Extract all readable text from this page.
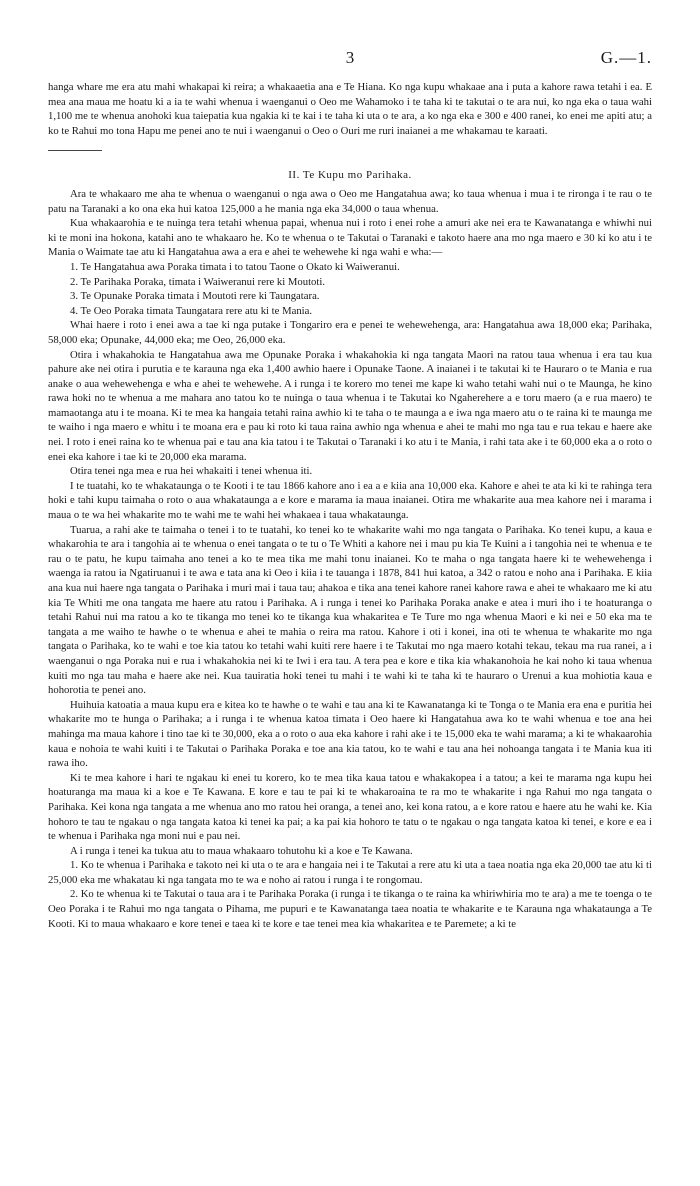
3	G.—1.

hanga whare me era atu mahi whakapai ki reira; a whakaaetia ana e Te Hiana. Ko nga kupu whakaae ana i puta a kahore rawa tetahi i ea. E mea ana maua me hoatu ki a ia te wahi whenua i waenganui o Oeo me Wahamoko i te taha ki te takutai o te ara nui, ko nga eka o taua wahi 1,100 me te whenua anohoki kua taiepatia kua ngakia ki te kai i te taha ki uta o te ara, a ko nga eka e 300 e 400 ranei, ko enei me apiti atu; a ko te Rahui mo tona Hapu me penei ano te nui i waenganui o Oeo o Ouri me ruri inaianei a me whakamau te karaati.

II. Te Kupu mo Parihaka.

Ara te whakaaro me aha te whenua o waenganui o nga awa o Oeo me Hangatahua awa; ko taua whenua i mua i te rironga i te rau o te patu na Taranaki a ko ona eka hui katoa 125,000 a he mania nga eka 34,000 o taua whenua.

Kua whakaarohia e te nuinga tera tetahi whenua papai, whenua nui i roto i enei rohe a amuri ake nei era te Kawanatanga e whiwhi nui ki te moni ina hokona, katahi ano te whakaaro he. Ko te whenua o te Takutai o Taranaki e takoto haere ana mo nga maero e 30 ki ko atu i te Mania o Waimate tae atu ki Hangatahua awa a era e ahei te wehewehe ki nga wahi e wha:—

1. Te Hangatahua awa Poraka timata i to tatou Taone o Okato ki Waiweranui.

2. Te Parihaka Poraka, timata i Waiweranui rere ki Moutoti.

3. Te Opunake Poraka timata i Moutoti rere ki Taungatara.

4. Te Oeo Poraka timata Taungatara rere atu ki te Mania.

Whai haere i roto i enei awa a tae ki nga putake i Tongariro era e penei te wehewehenga, ara: Hangatahua awa 18,000 eka; Parihaka, 58,000 eka; Opunake, 44,000 eka; me Oeo, 26,000 eka.

Otira i whakahokia te Hangatahua awa me Opunake Poraka i whakahokia ki nga tangata Maori na ratou taua whenua i era tau kua pahure ake nei otira i purutia e te karauna nga eka 1,400 awhio haere i Opunake Taone. A inaianei i te takutai ki te Hauraro o te Mania e rua anake o aua wehewehenga e wha e ahei te wehewehe. A i runga i te korero mo tenei me kape ki waho tetahi wahi nui o te Maunga, he kino rawa hoki no te whenua a me mahara ano tatou ko te nuinga o taua whenua i te Takutai ko Ngaherehere a e toru maero (a e rua maero) te mamaotanga atu i te moana. Ki te mea ka hangaia tetahi raina awhio ki te taha o te maunga a e iwa nga maero atu o te raina ki te maunga me te waiho i nga maero e whitu i te moana era e pau ki roto ki taua raina awhio nga whenua e ahei te mahi mo nga tau e rua tekau e haere ake nei. I roto i enei raina ko te whenua pai e tau ana kia tatou i te Takutai o Taranaki i ko atu i te Mania, i rahi tata ake i te 60,000 eka a o roto o enei eka kahore i tae ki te 20,000 eka marama.

Otira tenei nga mea e rua hei whakaiti i tenei whenua iti.

I te tuatahi, ko te whakataunga o te Kooti i te tau 1866 kahore ano i ea a e kiia ana 10,000 eka. Kahore e ahei te ata ki ki te rahinga tera hoki e tahi kupu taimaha o roto o aua whakataunga a e kore e marama ia maua inaianei. Otira me whakarite aua mea kahore nei i marama i maua o te wa hei whakarite mo te wahi me te wahi hei whakaea i taua whakataunga.

Tuarua, a rahi ake te taimaha o tenei i to te tuatahi, ko tenei ko te whakarite wahi mo nga tangata o Parihaka. Ko tenei kupu, a kaua e whakarohia te ara i tangohia ai te whenua o enei tangata o te tu o Te Whiti a kahore nei i mau pu kia Te Kuini a i tangohia nei te whenua e te rau o te patu, he kupu taimaha ano tenei a ko te mea tika me mahi tonu inaianei. Ko te maha o nga tangata haere ki te wehewehenga i waenga ia ratou ia Ngatiruanui i te awa e tata ana ki Oeo i kiia i te tauanga i 1878, 841 hui katoa, a 342 o ratou e noho ana i Parihaka. E kiia ana kua nui haere nga tangata o Parihaka i muri mai i taua tau; ahakoa e tika ana tenei kahore ranei kahore rawa e ahei te whakaaro me ki atu kia Te Whiti me ona tangata me haere atu ratou i Parihaka. A i runga i tenei ko Parihaka Poraka anake e atea i muri iho i te hoaturanga o tetahi Rahui nui ma ratou a ko te tikanga mo tenei ko te tikanga kua whakaritea e Te Ture mo nga whenua Maori e ki nei e 50 eka ma te tangata a me waiho te hawhe o te whenua e ahei te mahia o reira ma ratou. Kahore i oti i konei, ina oti te whenua te whakarite mo nga tangata o Parihaka, ko te wahi e toe kia tatou ko tetahi wahi kuiti rere haere i te Takutai mo nga maero kotahi tekau, tekau ma rua ranei, a i waenganui o nga Poraka nui e rua i whakahokia nei ki te Iwi i era tau. A tera pea e kore e tika kia whakanohoia he kai noho ki taua whenua kuiti mo nga tau maha e haere ake nei. Kua tauiratia hoki tenei tu mahi i te wahi ki te taha ki te hauraro o Urenui a kua mohiotia kaua e hohorotia te penei ano.

Huihuia katoatia a maua kupu era e kitea ko te hawhe o te wahi e tau ana ki te Kawanatanga ki te Tonga o te Mania era ena e puritia hei whakarite mo te hunga o Parihaka; a i runga i te whenua katoa timata i Oeo haere ki Hangatahua awa ko te wahi whenua e toe ana hei mahinga ma maua kahore i tino tae ki te 30,000, eka a o roto o aua eka kahore i rahi ake i te 15,000 eka te wahi marama; a ki te whakaarohia kaua e nohoia te wahi kuiti i te Takutai o Parihaka Poraka e toe ana kia tatou, ko te wahi e tau ana hei nohoanga tangata i te Mania kua iti rawa iho.

Ki te mea kahore i hari te ngakau ki enei tu korero, ko te mea tika kaua tatou e whakakopea i a tatou; a kei te marama nga kupu hei hoaturanga ma maua ki a koe e Te Kawana. E kore e tau te pai ki te whakaroaina te ra mo te whakarite i nga Rahui mo nga tangata o Parihaka. Kei kona nga tangata a me whenua ano mo ratou hei oranga, a tenei ano, kei kona ratou, a e kore ratou e haere atu he wahi ke. Kia hohoro te tau te ngakau o nga tangata katoa ki tenei ka pai; a ka pai kia hohoro te tatu o te ngakau o nga tangata katoa ki tenei, e kore e ea i te whenua i Parihaka nga moni nui e pau nei.

A i runga i tenei ka tukua atu to maua whakaaro tohutohu ki a koe e Te Kawana.

1. Ko te whenua i Parihaka e takoto nei ki uta o te ara e hangaia nei i te Takutai a rere atu ki uta a taea noatia nga eka 20,000 tae atu ki ti 25,000 eka me whakatau ki nga tangata mo te wa e noho ai ratou i runga i te rongomau.

2. Ko te whenua ki te Takutai o taua ara i te Parihaka Poraka (i runga i te tikanga o te raina ka whiriwhiria mo te ara) a me te toenga o te Oeo Poraka i te Rahui mo nga tangata o Pihama, me pupuri e te Kawanatanga taea noatia te whakarite e te Karauna nga whakataunga a Te Kooti. Ki to maua whakaaro e kore tenei e taea ki te kore e tae tenei mea kia whakaritea e te Paremete; a ki te
